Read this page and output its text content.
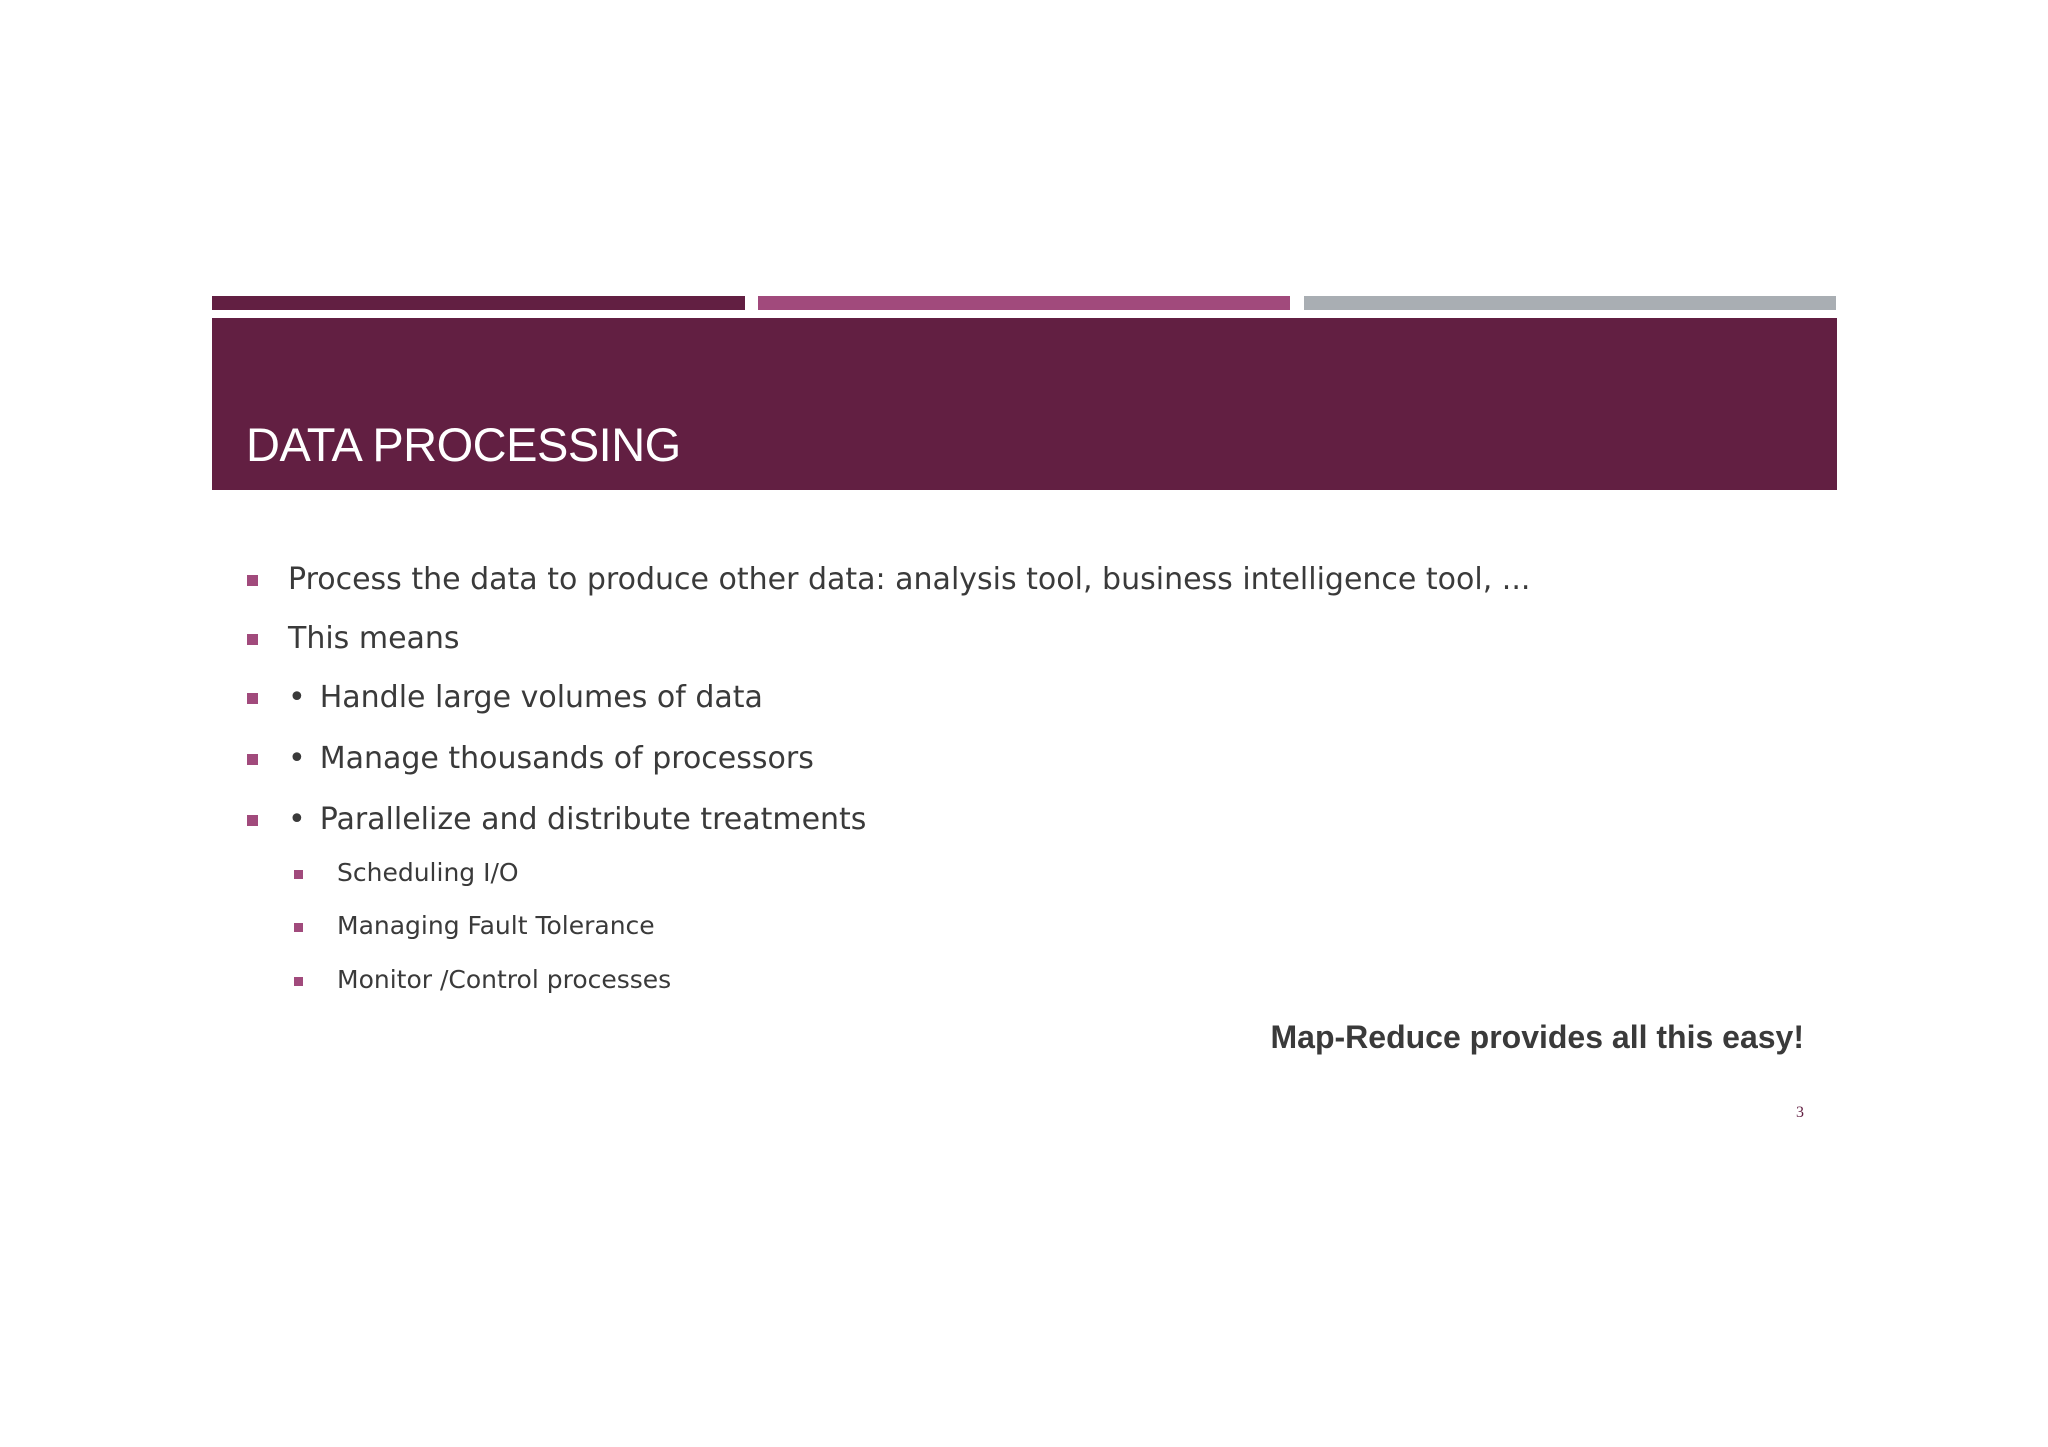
DATA PROCESSING
Process the data to produce other data: analysis tool, business intelligence tool, ...
This means
• Handle large volumes of data
• Manage thousands of processors
• Parallelize and distribute treatments
Scheduling I/O
Managing Fault Tolerance
Monitor /Control processes

Map-Reduce provides all this easy!

3
